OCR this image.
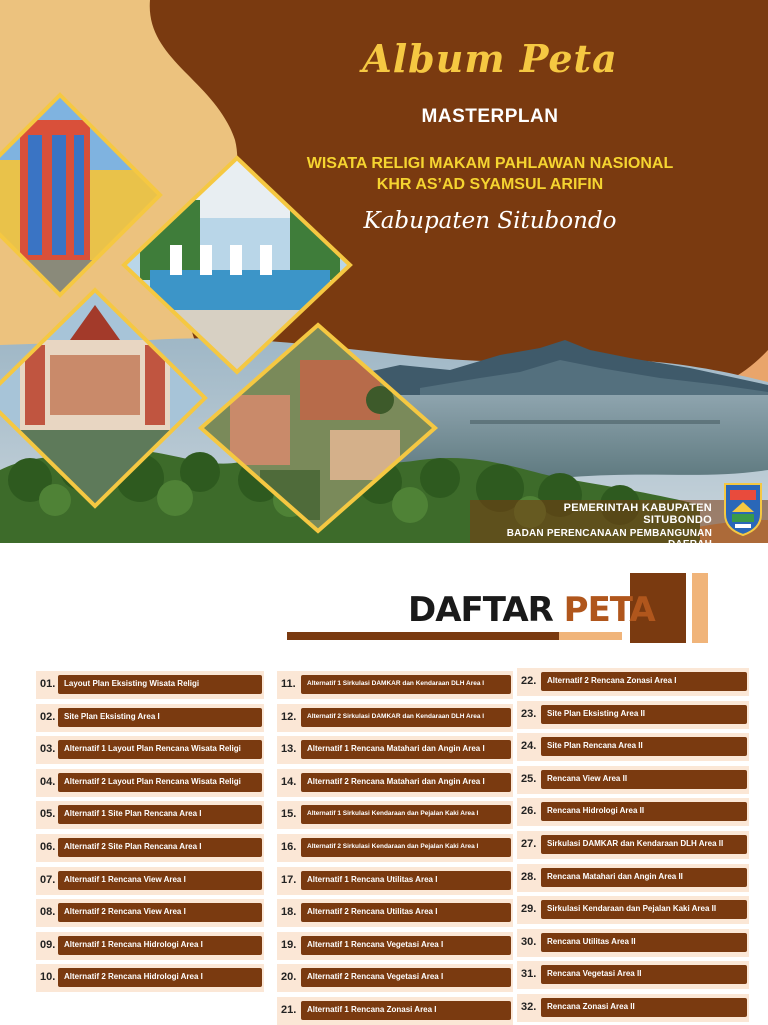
Album Peta
MASTERPLAN
WISATA RELIGI MAKAM PAHLAWAN NASIONAL
KHR AS’AD SYAMSUL ARIFIN
Kabupaten Situbondo
PEMERINTAH KABUPATEN SITUBONDO
BADAN PERENCANAAN PEMBANGUNAN DAERAH
DAFTAR PETA
01. Layout Plan Eksisting Wisata Religi
02. Site Plan Eksisting Area I
03. Alternatif 1 Layout Plan Rencana Wisata Religi
04. Alternatif 2 Layout Plan Rencana Wisata Religi
05. Alternatif 1 Site Plan Rencana Area I
06. Alternatif 2 Site Plan Rencana Area I
07. Alternatif 1 Rencana View Area I
08. Alternatif 2 Rencana View Area I
09. Alternatif 1 Rencana Hidrologi Area I
10. Alternatif 2 Rencana Hidrologi Area I
11. Alternatif 1 Sirkulasi DAMKAR dan Kendaraan DLH Area I
12. Alternatif 2 Sirkulasi DAMKAR dan Kendaraan DLH Area I
13. Alternatif 1 Rencana Matahari dan Angin Area I
14. Alternatif 2 Rencana Matahari dan Angin Area I
15. Alternatif 1 Sirkulasi Kendaraan dan Pejalan Kaki Area I
16. Alternatif 2 Sirkulasi Kendaraan dan Pejalan Kaki Area I
17. Alternatif 1 Rencana Utilitas Area I
18. Alternatif 2 Rencana Utilitas Area I
19. Alternatif 1 Rencana Vegetasi Area I
20. Alternatif 2 Rencana Vegetasi Area I
21. Alternatif 1 Rencana Zonasi Area I
22. Alternatif 2 Rencana Zonasi Area I
23. Site Plan Eksisting Area II
24. Site Plan Rencana Area II
25. Rencana View Area II
26. Rencana Hidrologi Area II
27. Sirkulasi DAMKAR dan Kendaraan DLH Area II
28. Rencana Matahari dan Angin Area II
29. Sirkulasi Kendaraan dan Pejalan Kaki Area II
30. Rencana Utilitas Area II
31. Rencana Vegetasi Area II
32. Rencana Zonasi Area II
